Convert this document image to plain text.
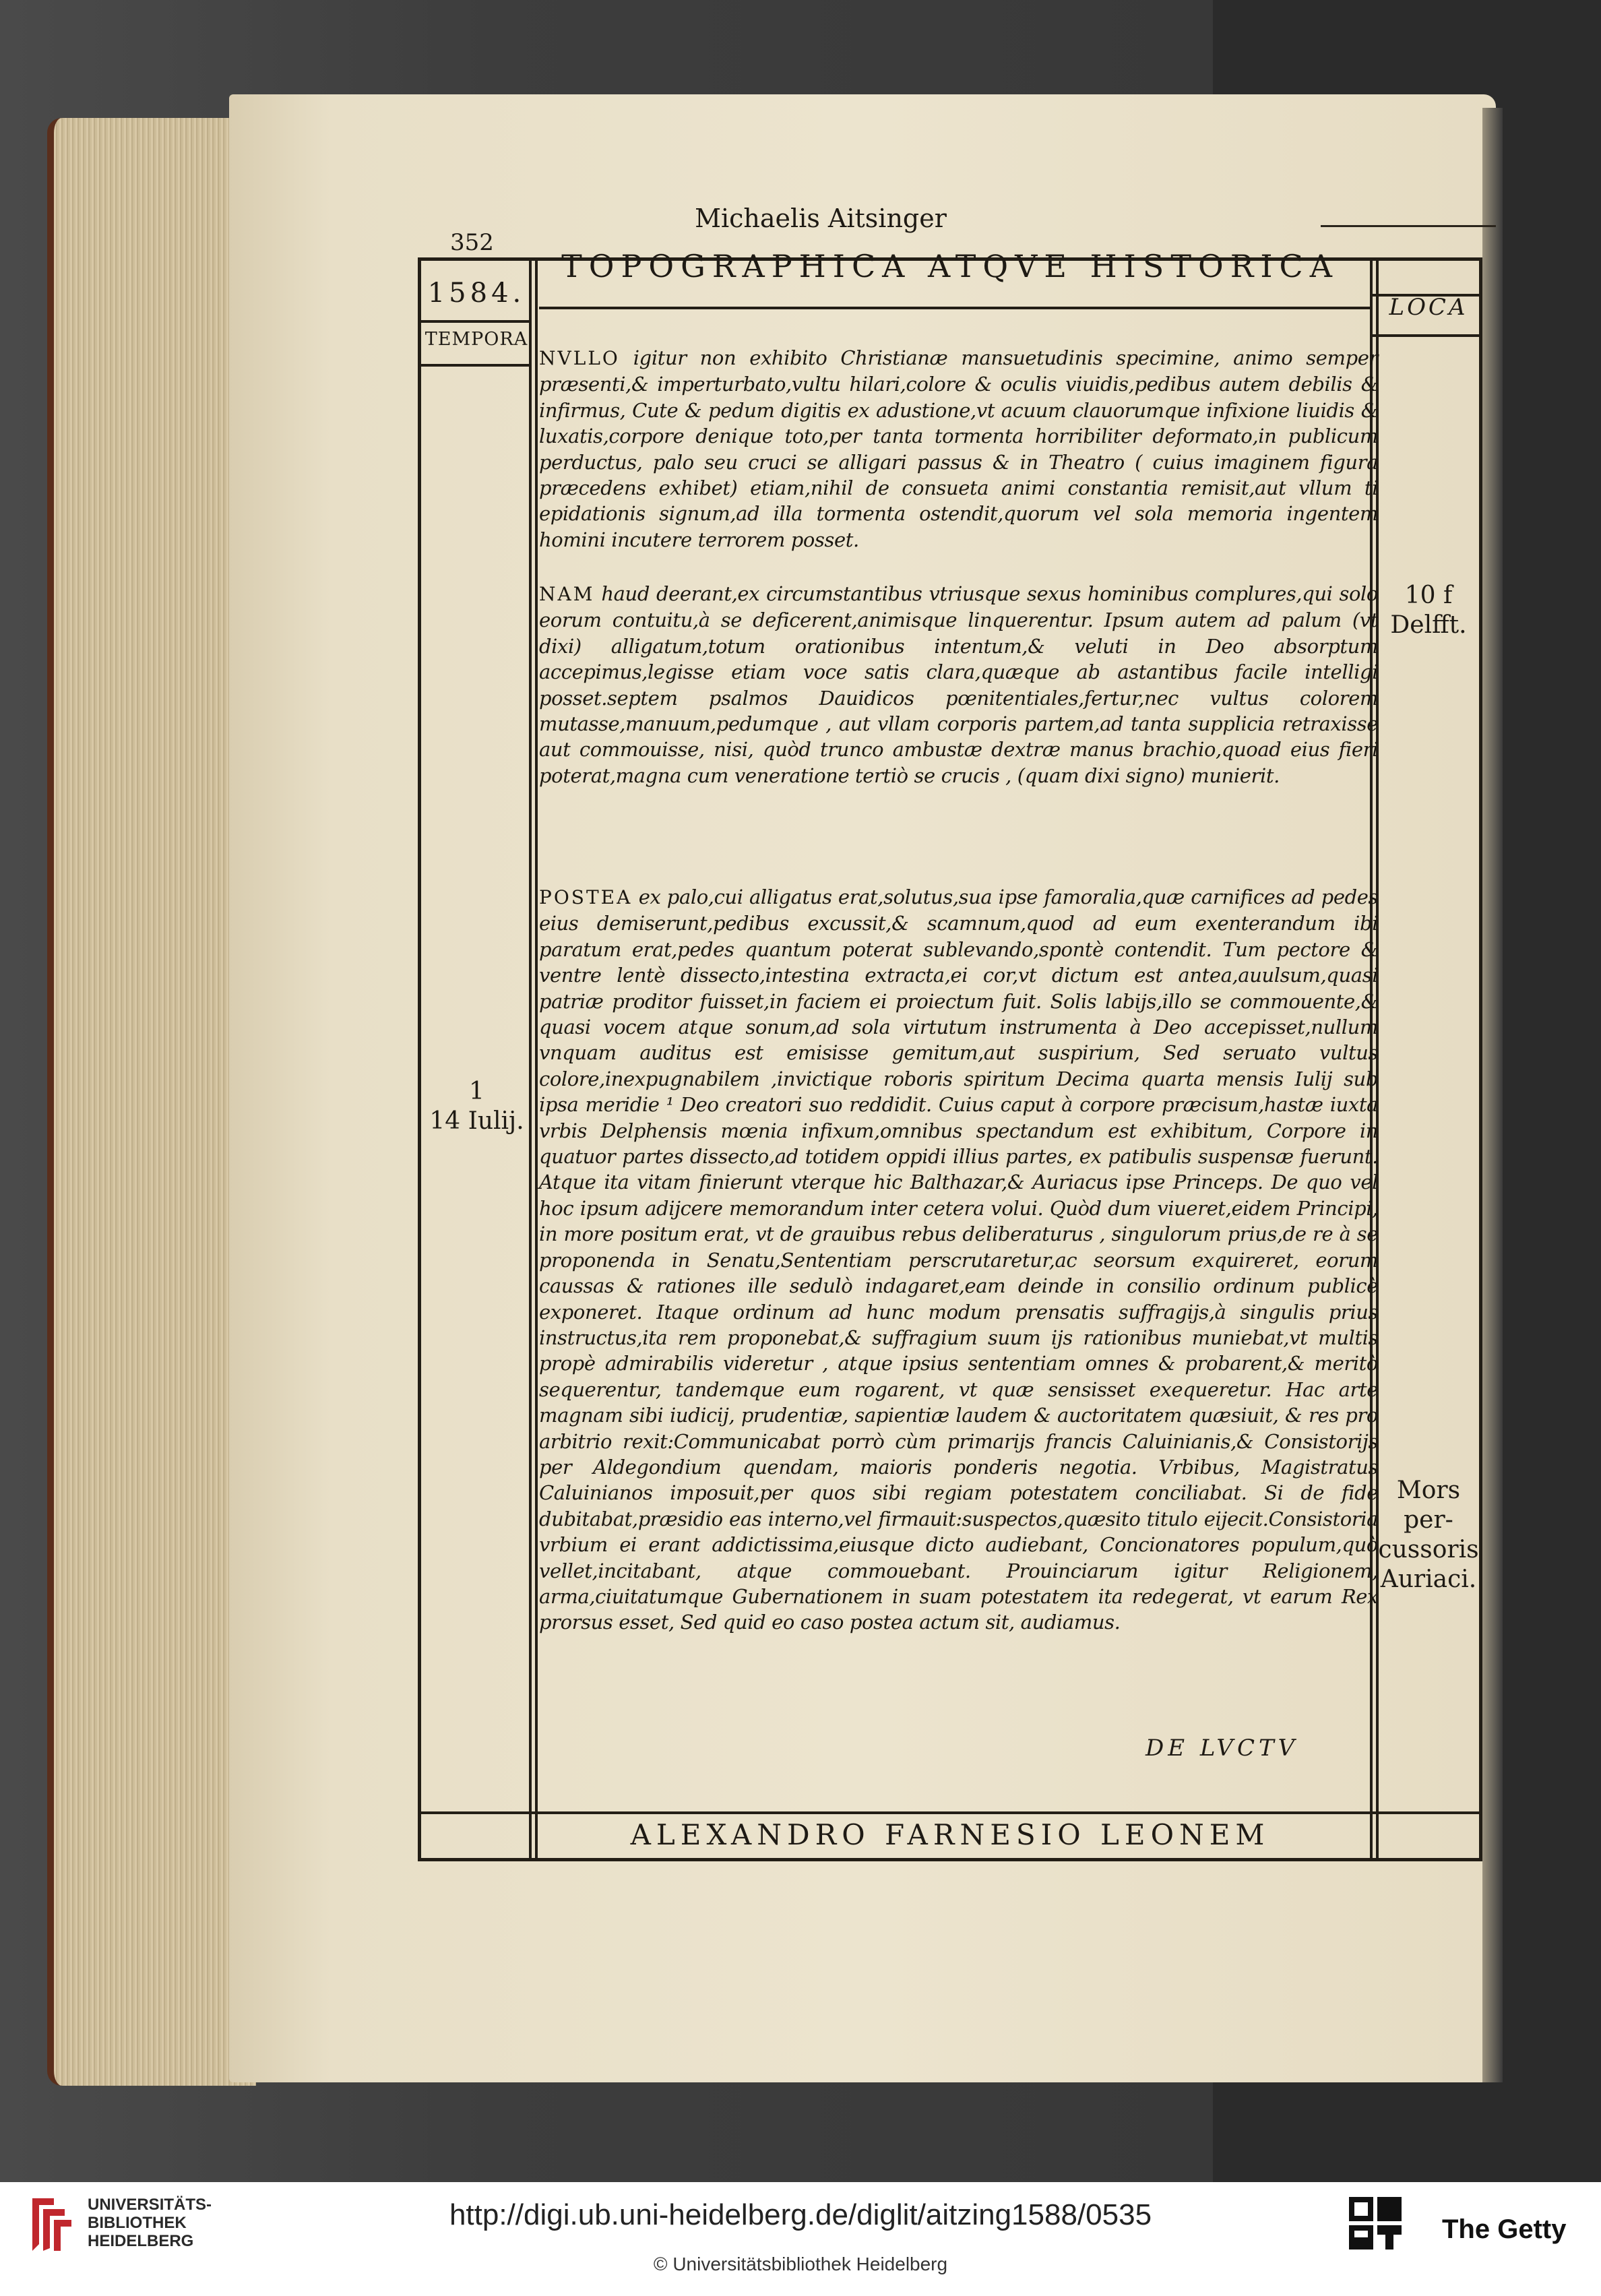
352
Michaelis Aitsinger
1584.
TEMPORA
TOPOGRAPHICA ATQVE HISTORICA
LOCA
NVLLO igitur non exhibito Christianæ mansuetudinis specimine, animo semper præsenti,& imperturbato,vultu hilari,colore & oculis viuidis,pedibus autem debilis & infirmus, Cute & pedum digitis ex adustione,vt acuum clauorumque infixione liuidis & luxatis,corpore denique toto,per tanta tormenta horribiliter deformato,in publicum perductus, palo seu cruci se alligari passus & in Theatro ( cuius imaginem figura præcedens exhibet) etiam,nihil de consueta animi constantia remisit,aut vllum ti epidationis signum,ad illa tormenta ostendit,quorum vel sola memoria ingentem homini incutere terrorem posset.
NAM haud deerant,ex circumstantibus vtriusque sexus hominibus complures,qui solo eorum contuitu,à se deficerent,animisque linquerentur. Ipsum autem ad palum (vt dixi) alligatum,totum orationibus intentum,& veluti in Deo absorptum accepimus,legisse etiam voce satis clara,quæque ab astantibus facile intelligi posset.septem psalmos Dauidicos pœnitentiales,fertur,nec vultus colorem mutasse,manuum,pedumque , aut vllam corporis partem,ad tanta supplicia retraxisse aut commouisse, nisi, quòd trunco ambustæ dextræ manus brachio,quoad eius fieri poterat,magna cum veneratione tertiò se crucis , (quam dixi signo) munierit.
POSTEA ex palo,cui alligatus erat,solutus,sua ipse famoralia,quæ carnifices ad pedes eius demiserunt,pedibus excussit,& scamnum,quod ad eum exenterandum ibi paratum erat,pedes quantum poterat sublevando,spontè contendit. Tum pectore & ventre lentè dissecto,intestina extracta,ei cor,vt dictum est antea,auulsum,quasi patriæ proditor fuisset,in faciem ei proiectum fuit. Solis labijs,illo se commouente,& quasi vocem atque sonum,ad sola virtutum instrumenta à Deo accepisset,nullum vnquam auditus est emisisse gemitum,aut suspirium, Sed seruato vultus colore,inexpugnabilem ,invictique roboris spiritum Decima quarta mensis Iulij sub ipsa meridie ¹ Deo creatori suo reddidit. Cuius caput à corpore præcisum,hastæ iuxta vrbis Delphensis mœnia infixum,omnibus spectandum est exhibitum, Corpore in quatuor partes dissecto,ad totidem oppidi illius partes, ex patibulis suspensæ fuerunt. Atque ita vitam finierunt vterque hic Balthazar,& Auriacus ipse Princeps. De quo vel hoc ipsum adijcere memorandum inter cetera volui. Quòd dum viueret,eidem Principi, in more positum erat, vt de grauibus rebus deliberaturus , singulorum prius,de re à se proponenda in Senatu,Sententiam perscrutaretur,ac seorsum exquireret, eorum caussas & rationes ille sedulò indagaret,eam deinde in consilio ordinum publicè exponeret. Itaque ordinum ad hunc modum prensatis suffragijs,à singulis prius instructus,ita rem proponebat,& suffragium suum ijs rationibus muniebat,vt multis propè admirabilis videretur , atque ipsius sententiam omnes & probarent,& meritò sequerentur, tandemque eum rogarent, vt quæ sensisset exequeretur. Hac arte magnam sibi iudicij, prudentiæ, sapientiæ laudem & auctoritatem quæsiuit, & res pro arbitrio rexit:Communicabat porrò cùm primarijs francis Caluinianis,& Consistorijs per Aldegondium quendam, maioris ponderis negotia. Vrbibus, Magistratus Caluinianos imposuit,per quos sibi regiam potestatem conciliabat. Si de fide dubitabat,præsidio eas interno,vel firmauit:suspectos,quæsito titulo eijecit.Consistoria vrbium ei erant addictissima,eiusque dicto audiebant, Concionatores populum,quò vellet,incitabant, atque commouebant. Prouinciarum igitur Religionem, arma,ciuitatumque Gubernationem in suam potestatem ita redegerat, vt earum Rex prorsus esset, Sed quid eo caso postea actum sit, audiamus.
DE LVCTV
ALEXANDRO FARNESIO LEONEM
1
14 Iulij.
10 f
Delfft.
Mors per-
cussoris
Auriaci.
UNIVERSITÄTS-
BIBLIOTHEK
HEIDELBERG
http://digi.ub.uni-heidelberg.de/diglit/aitzing1588/0535
© Universitätsbibliothek Heidelberg
The Getty
